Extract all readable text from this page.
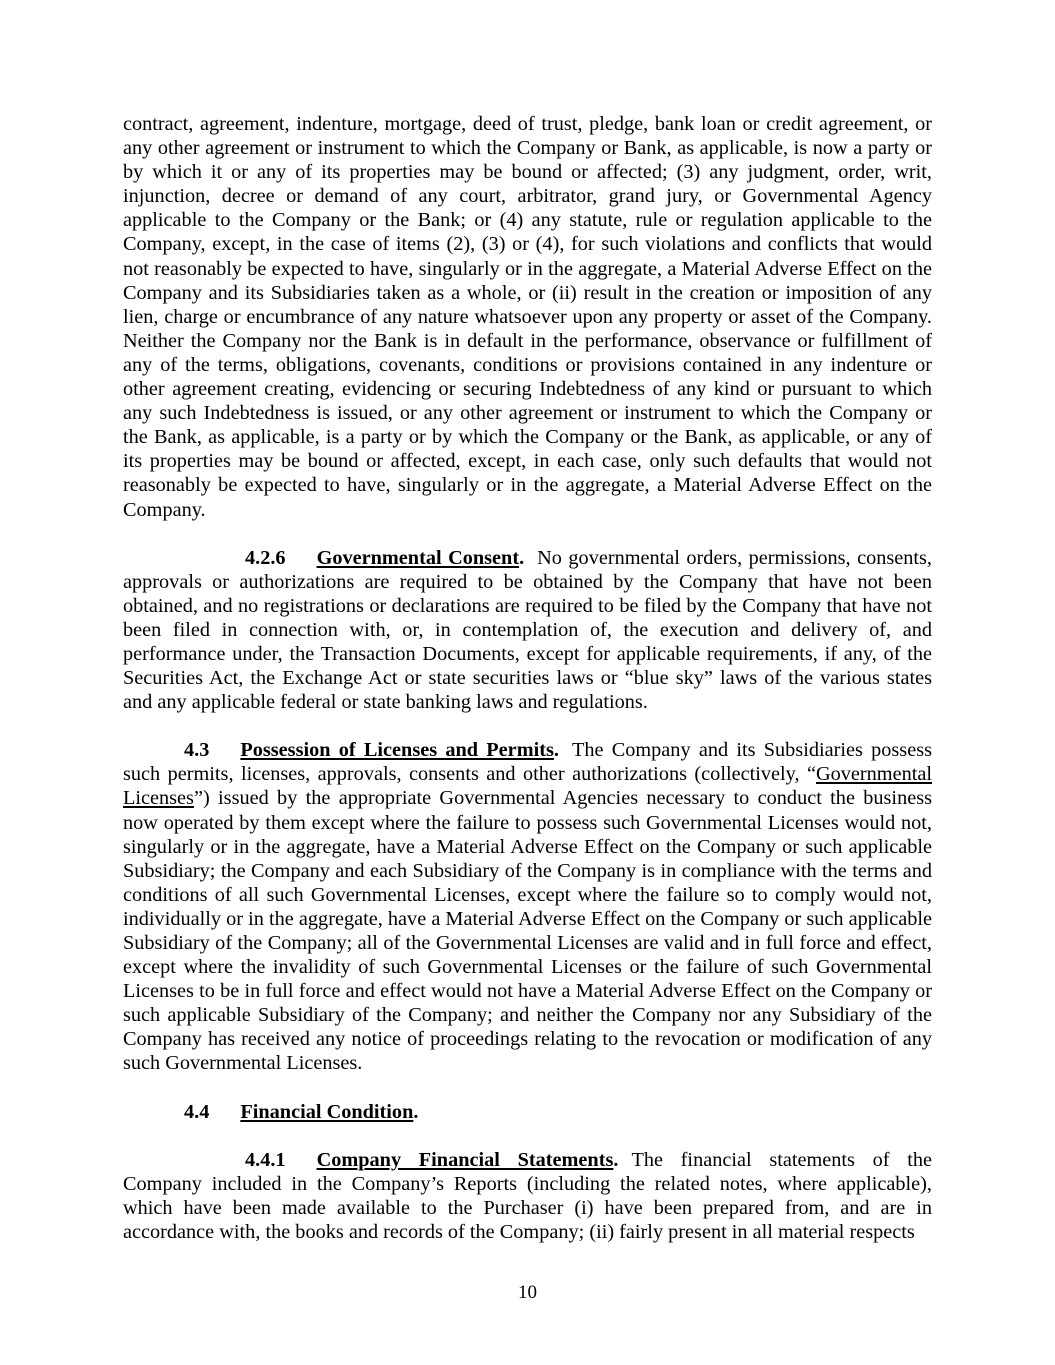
contract, agreement, indenture, mortgage, deed of trust, pledge, bank loan or credit agreement, or any other agreement or instrument to which the Company or Bank, as applicable, is now a party or by which it or any of its properties may be bound or affected; (3) any judgment, order, writ, injunction, decree or demand of any court, arbitrator, grand jury, or Governmental Agency applicable to the Company or the Bank; or (4) any statute, rule or regulation applicable to the Company, except, in the case of items (2), (3) or (4), for such violations and conflicts that would not reasonably be expected to have, singularly or in the aggregate, a Material Adverse Effect on the Company and its Subsidiaries taken as a whole, or (ii) result in the creation or imposition of any lien, charge or encumbrance of any nature whatsoever upon any property or asset of the Company. Neither the Company nor the Bank is in default in the performance, observance or fulfillment of any of the terms, obligations, covenants, conditions or provisions contained in any indenture or other agreement creating, evidencing or securing Indebtedness of any kind or pursuant to which any such Indebtedness is issued, or any other agreement or instrument to which the Company or the Bank, as applicable, is a party or by which the Company or the Bank, as applicable, or any of its properties may be bound or affected, except, in each case, only such defaults that would not reasonably be expected to have, singularly or in the aggregate, a Material Adverse Effect on the Company.

4.2.6 Governmental Consent. No governmental orders, permissions, consents, approvals or authorizations are required to be obtained by the Company that have not been obtained, and no registrations or declarations are required to be filed by the Company that have not been filed in connection with, or, in contemplation of, the execution and delivery of, and performance under, the Transaction Documents, except for applicable requirements, if any, of the Securities Act, the Exchange Act or state securities laws or “blue sky” laws of the various states and any applicable federal or state banking laws and regulations.

4.3 Possession of Licenses and Permits. The Company and its Subsidiaries possess such permits, licenses, approvals, consents and other authorizations (collectively, “Governmental Licenses”) issued by the appropriate Governmental Agencies necessary to conduct the business now operated by them except where the failure to possess such Governmental Licenses would not, singularly or in the aggregate, have a Material Adverse Effect on the Company or such applicable Subsidiary; the Company and each Subsidiary of the Company is in compliance with the terms and conditions of all such Governmental Licenses, except where the failure so to comply would not, individually or in the aggregate, have a Material Adverse Effect on the Company or such applicable Subsidiary of the Company; all of the Governmental Licenses are valid and in full force and effect, except where the invalidity of such Governmental Licenses or the failure of such Governmental Licenses to be in full force and effect would not have a Material Adverse Effect on the Company or such applicable Subsidiary of the Company; and neither the Company nor any Subsidiary of the Company has received any notice of proceedings relating to the revocation or modification of any such Governmental Licenses.

4.4 Financial Condition.

4.4.1 Company Financial Statements. The financial statements of the Company included in the Company’s Reports (including the related notes, where applicable), which have been made available to the Purchaser (i) have been prepared from, and are in accordance with, the books and records of the Company; (ii) fairly present in all material respects

10
